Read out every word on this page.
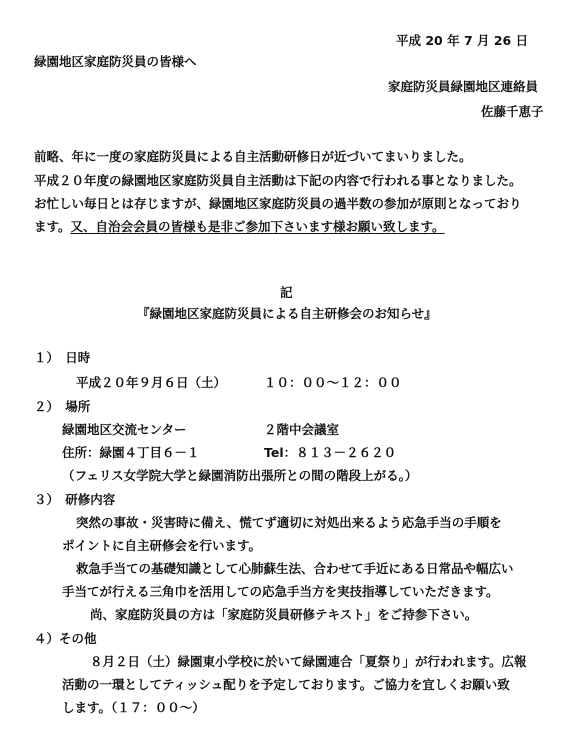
平成 20 年 7 月 26 日
緑園地区家庭防災員の皆様へ
家庭防災員緑園地区連絡員
佐藤千恵子
前略、年に一度の家庭防災員による自主活動研修日が近づいてまいりました。
平成２０年度の緑園地区家庭防災員自主活動は下記の内容で行われる事となりました。
お忙しい毎日とは存じますが、緑園地区家庭防災員の過半数の参加が原則となっており
ます。又、自治会会員の皆様も是非ご参加下さいます様お願い致します。
記
『緑園地区家庭防災員による自主研修会のお知らせ』
１）　日時
平成２０年９月６日（土）	１０：００～１２：００
２）　場所
緑園地区交流センター	２階中会議室
住所：緑園４丁目６－１	Tel：８１３－２６２０
（フェリス女学院大学と緑園消防出張所との間の階段上がる。）
３）　研修内容
突然の事故・災害時に備え、慌てず適切に対処出来るよう応急手当の手順を
ポイントに自主研修会を行います。
救急手当ての基礎知識として心肺蘇生法、合わせて手近にある日常品や幅広い
手当てが行える三角巾を活用しての応急手当方を実技指導していただきます。
尚、家庭防災員の方は「家庭防災員研修テキスト」をご持参下さい。
４）その他
８月２日（土）緑園東小学校に於いて緑園連合「夏祭り」が行われます。広報
活動の一環としてティッシュ配りを予定しております。ご協力を宜しくお願い致
します。（１７：００～）
